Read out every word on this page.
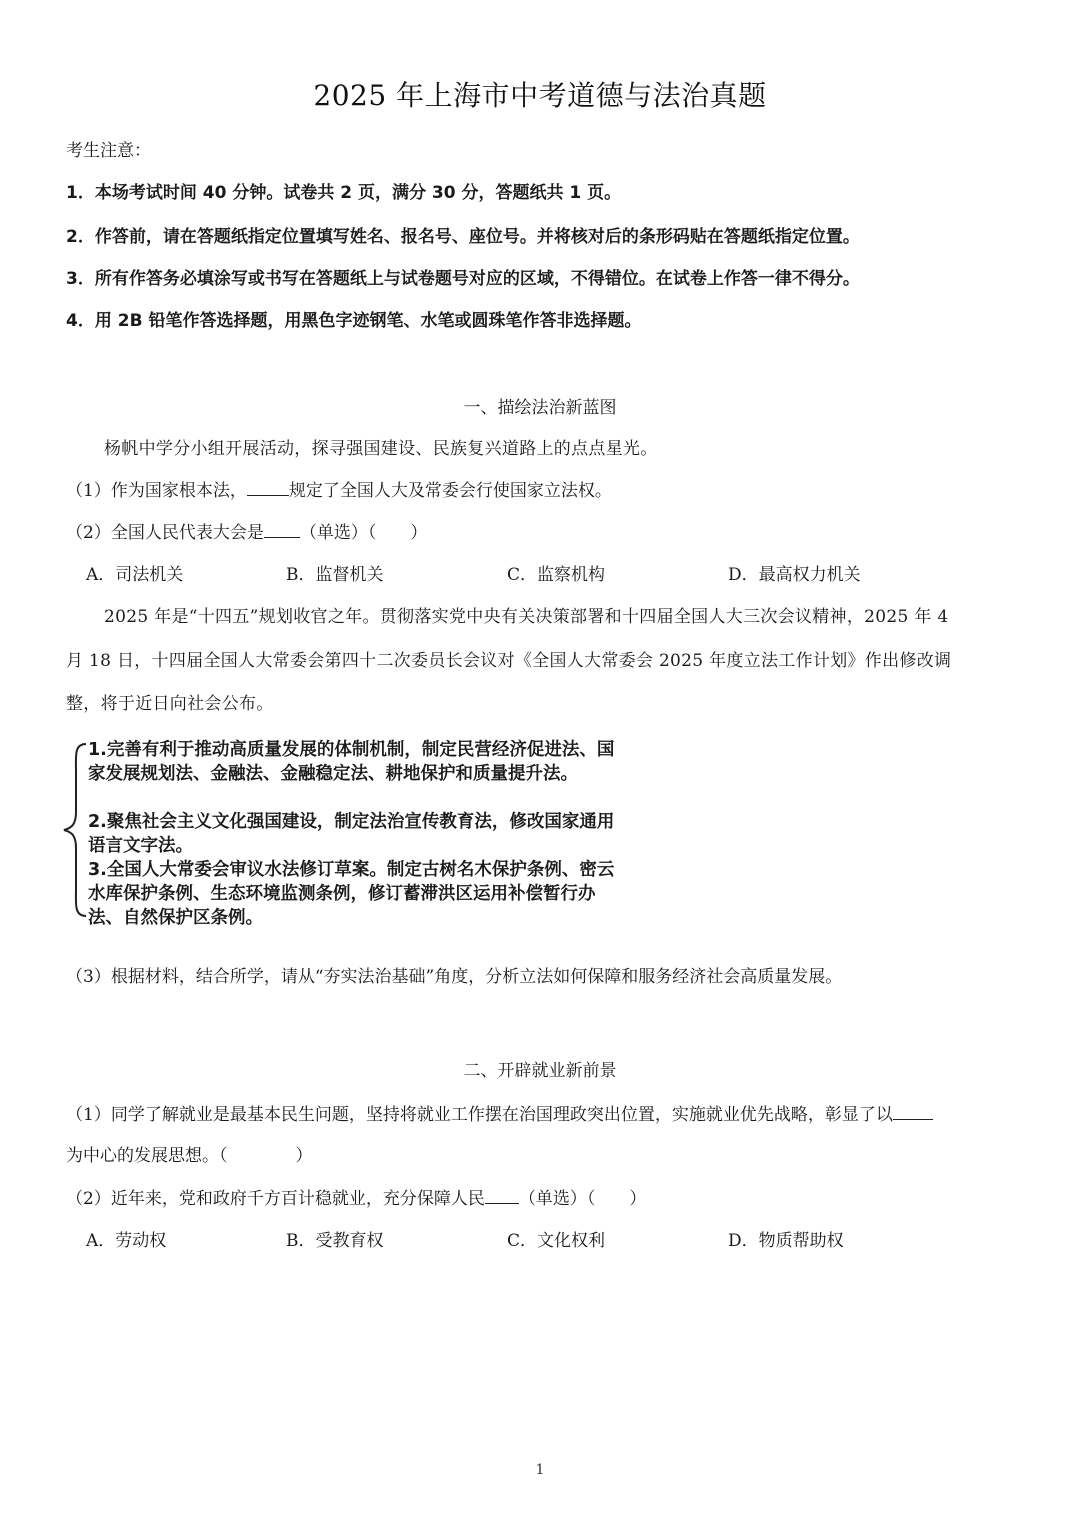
2025 年上海市中考道德与法治真题
考生注意：
1．本场考试时间 40 分钟。试卷共 2 页，满分 30 分，答题纸共 1 页。
2．作答前，请在答题纸指定位置填写姓名、报名号、座位号。并将核对后的条形码贴在答题纸指定位置。
3．所有作答务必填涂写或书写在答题纸上与试卷题号对应的区域，不得错位。在试卷上作答一律不得分。
4．用 2B 铅笔作答选择题，用黑色字迹钢笔、水笔或圆珠笔作答非选择题。
一、描绘法治新蓝图
杨帆中学分小组开展活动，探寻强国建设、民族复兴道路上的点点星光。
（1）作为国家根本法， 规定了全国人大及常委会行使国家立法权。
（2）全国人民代表大会是 （单选）（　　）
A．司法机关	B．监督机关	C．监察机构	D．最高权力机关
2025 年是“十四五”规划收官之年。贯彻落实党中央有关决策部署和十四届全国人大三次会议精神，2025 年 4
月 18 日，十四届全国人大常委会第四十二次委员长会议对《全国人大常委会 2025 年度立法工作计划》作出修改调
整，将于近日向社会公布。
1.完善有利于推动高质量发展的体制机制，制定民营经济促进法、国家发展规划法、金融法、金融稳定法、耕地保护和质量提升法。
2.聚焦社会主义文化强国建设，制定法治宣传教育法，修改国家通用语言文字法。
3.全国人大常委会审议水法修订草案。制定古树名木保护条例、密云水库保护条例、生态环境监测条例，修订蓄滞洪区运用补偿暂行办法、自然保护区条例。
（3）根据材料，结合所学，请从“夯实法治基础”角度，分析立法如何保障和服务经济社会高质量发展。
二、开辟就业新前景
（1）同学了解就业是最基本民生问题，坚持将就业工作摆在治国理政突出位置，实施就业优先战略，彰显了以
为中心的发展思想。（　　　　）
（2）近年来，党和政府千方百计稳就业，充分保障人民 （单选）（　　）
A．劳动权	B．受教育权	C．文化权利	D．物质帮助权
1
